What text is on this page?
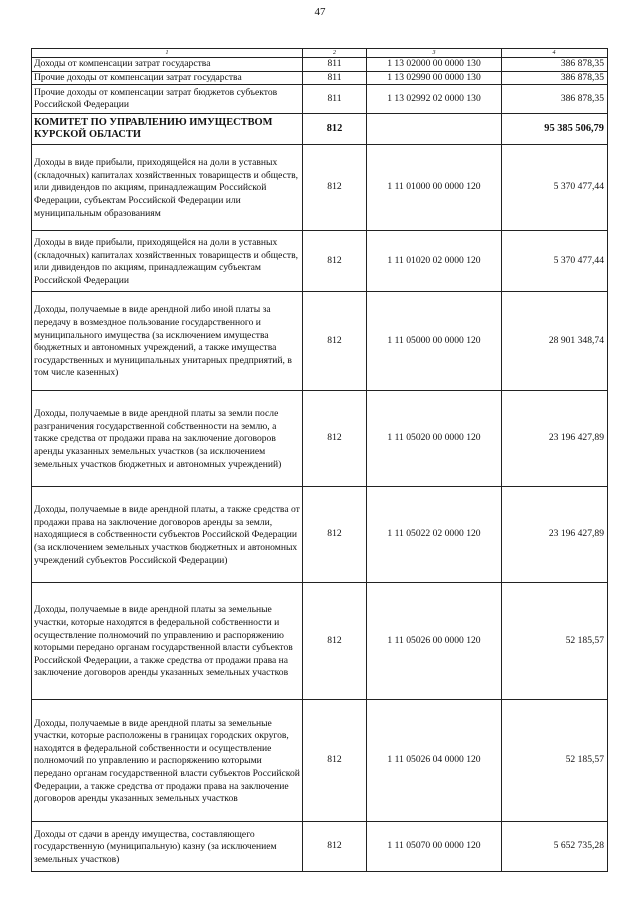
47
1	2	3	4
Доходы от компенсации затрат государства	811	1 13 02000 00 0000 130	386 878,35
Прочие доходы от компенсации затрат государства	811	1 13 02990 00 0000 130	386 878,35
Прочие доходы от компенсации затрат бюджетов субъектов Российской Федерации	811	1 13 02992 02 0000 130	386 878,35
КОМИТЕТ ПО УПРАВЛЕНИЮ ИМУЩЕСТВОМ КУРСКОЙ ОБЛАСТИ	812		95 385 506,79
Доходы в виде прибыли, приходящейся на доли в уставных (складочных) капиталах хозяйственных товариществ и обществ, или дивидендов по акциям, принадлежащим Российской Федерации, субъектам Российской Федерации или муниципальным образованиям	812	1 11 01000 00 0000 120	5 370 477,44
Доходы в виде прибыли, приходящейся на доли в уставных (складочных) капиталах хозяйственных товариществ и обществ, или дивидендов по акциям, принадлежащим субъектам Российской Федерации	812	1 11 01020 02 0000 120	5 370 477,44
Доходы, получаемые в виде арендной либо иной платы за передачу в возмездное пользование государственного и муниципального имущества (за исключением имущества бюджетных и автономных учреждений, а также имущества государственных и муниципальных унитарных предприятий, в том числе казенных)	812	1 11 05000 00 0000 120	28 901 348,74
Доходы, получаемые в виде арендной платы за земли после разграничения государственной собственности на землю, а также средства от продажи права на заключение договоров аренды указанных земельных участков (за исключением земельных участков бюджетных и автономных учреждений)	812	1 11 05020 00 0000 120	23 196 427,89
Доходы, получаемые в виде арендной платы, а также средства от продажи права на заключение договоров аренды за земли, находящиеся в собственности субъектов Российской Федерации (за исключением земельных участков бюджетных и автономных учреждений субъектов Российской Федерации)	812	1 11 05022 02 0000 120	23 196 427,89
Доходы, получаемые в виде арендной платы за земельные участки, которые находятся в федеральной собственности и осуществление полномочий по управлению и распоряжению которыми передано органам государственной власти субъектов Российской Федерации, а также средства от продажи права на заключение договоров аренды указанных земельных участков	812	1 11 05026 00 0000 120	52 185,57
Доходы, получаемые в виде арендной платы за земельные участки, которые расположены в границах городских округов, находятся в федеральной собственности и осуществление полномочий по управлению и распоряжению которыми передано органам государственной власти субъектов Российской Федерации, а также средства от продажи права на заключение договоров аренды указанных земельных участков	812	1 11 05026 04 0000 120	52 185,57
Доходы от сдачи в аренду имущества, составляющего государственную (муниципальную) казну (за исключением земельных участков)	812	1 11 05070 00 0000 120	5 652 735,28
